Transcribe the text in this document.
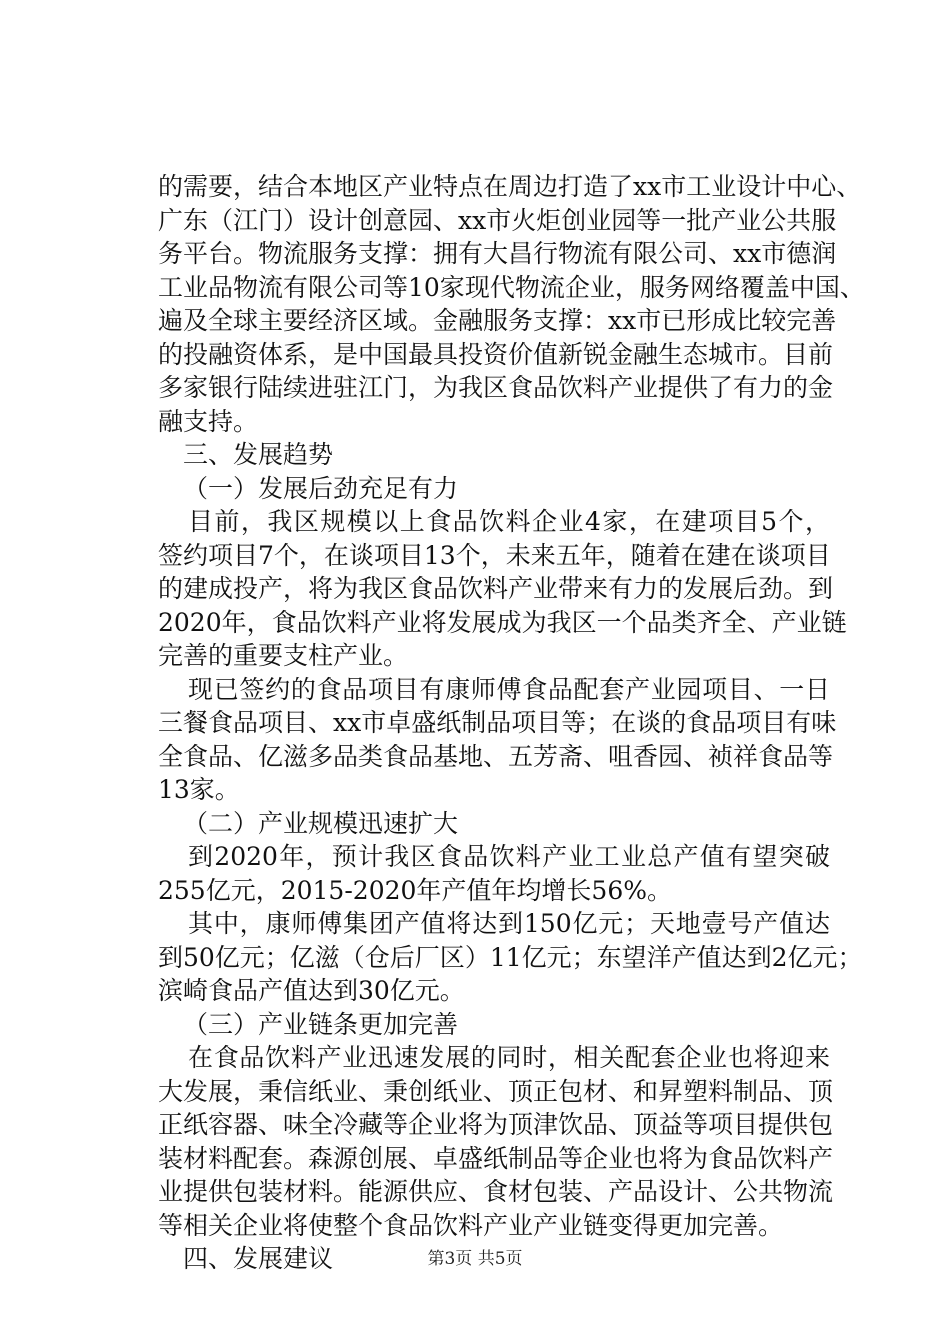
的需要，结合本地区产业特点在周边打造了xx市工业设计中心、
广东（江门）设计创意园、xx市火炬创业园等一批产业公共服
务平台。物流服务支撑：拥有大昌行物流有限公司、xx市德润
工业品物流有限公司等10家现代物流企业，服务网络覆盖中国、
遍及全球主要经济区域。金融服务支撑：xx市已形成比较完善
的投融资体系，是中国最具投资价值新锐金融生态城市。目前
多家银行陆续进驻江门，为我区食品饮料产业提供了有力的金
融支持。
三、发展趋势
（一）发展后劲充足有力
目前，我区规模以上食品饮料企业4家，在建项目5个，
签约项目7个，在谈项目13个，未来五年，随着在建在谈项目
的建成投产，将为我区食品饮料产业带来有力的发展后劲。到
2020年，食品饮料产业将发展成为我区一个品类齐全、产业链
完善的重要支柱产业。
现已签约的食品项目有康师傅食品配套产业园项目、一日
三餐食品项目、xx市卓盛纸制品项目等；在谈的食品项目有味
全食品、亿滋多品类食品基地、五芳斋、咀香园、祯祥食品等
13家。
（二）产业规模迅速扩大
到2020年，预计我区食品饮料产业工业总产值有望突破
255亿元，2015-2020年产值年均增长56%。
其中，康师傅集团产值将达到150亿元；天地壹号产值达
到50亿元；亿滋（仓后厂区）11亿元；东望洋产值达到2亿元；
滨崎食品产值达到30亿元。
（三）产业链条更加完善
在食品饮料产业迅速发展的同时，相关配套企业也将迎来
大发展，秉信纸业、秉创纸业、顶正包材、和昇塑料制品、顶
正纸容器、味全冷藏等企业将为顶津饮品、顶益等项目提供包
装材料配套。森源创展、卓盛纸制品等企业也将为食品饮料产
业提供包装材料。能源供应、食材包装、产品设计、公共物流
等相关企业将使整个食品饮料产业产业链变得更加完善。
四、发展建议	第3页 共5页
